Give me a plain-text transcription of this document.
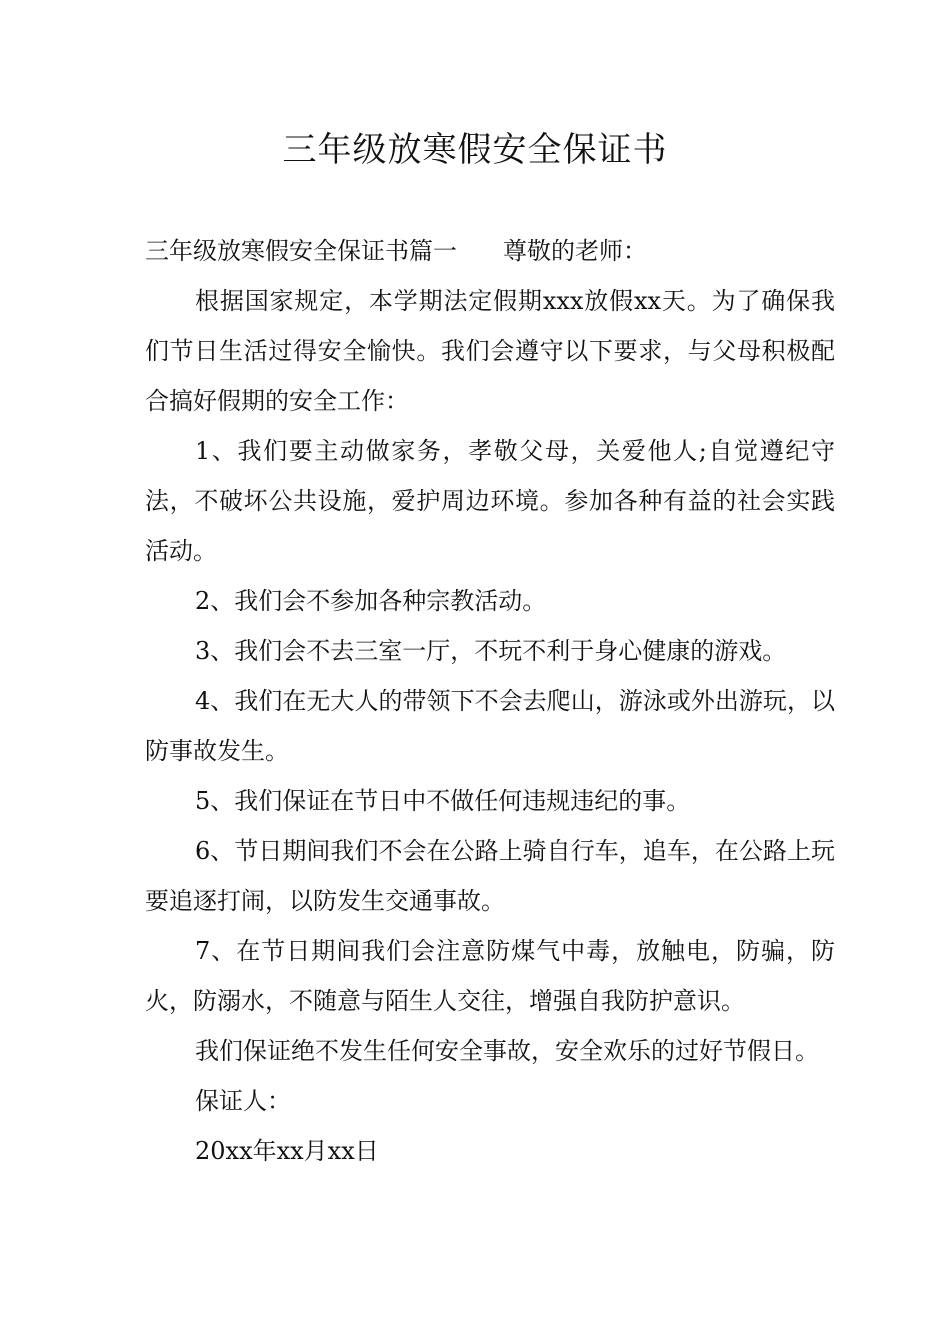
三年级放寒假安全保证书

三年级放寒假安全保证书篇一 尊敬的老师：

根据国家规定，本学期法定假期xxx放假xx天。为了确保我们节日生活过得安全愉快。我们会遵守以下要求，与父母积极配合搞好假期的安全工作：

1、我们要主动做家务，孝敬父母，关爱他人;自觉遵纪守法，不破坏公共设施，爱护周边环境。参加各种有益的社会实践活动。

2、我们会不参加各种宗教活动。

3、我们会不去三室一厅，不玩不利于身心健康的游戏。

4、我们在无大人的带领下不会去爬山，游泳或外出游玩，以防事故发生。

5、我们保证在节日中不做任何违规违纪的事。

6、节日期间我们不会在公路上骑自行车，追车，在公路上玩要追逐打闹，以防发生交通事故。

7、在节日期间我们会注意防煤气中毒，放触电，防骗，防火，防溺水，不随意与陌生人交往，增强自我防护意识。

我们保证绝不发生任何安全事故，安全欢乐的过好节假日。

保证人：

20xx年xx月xx日
